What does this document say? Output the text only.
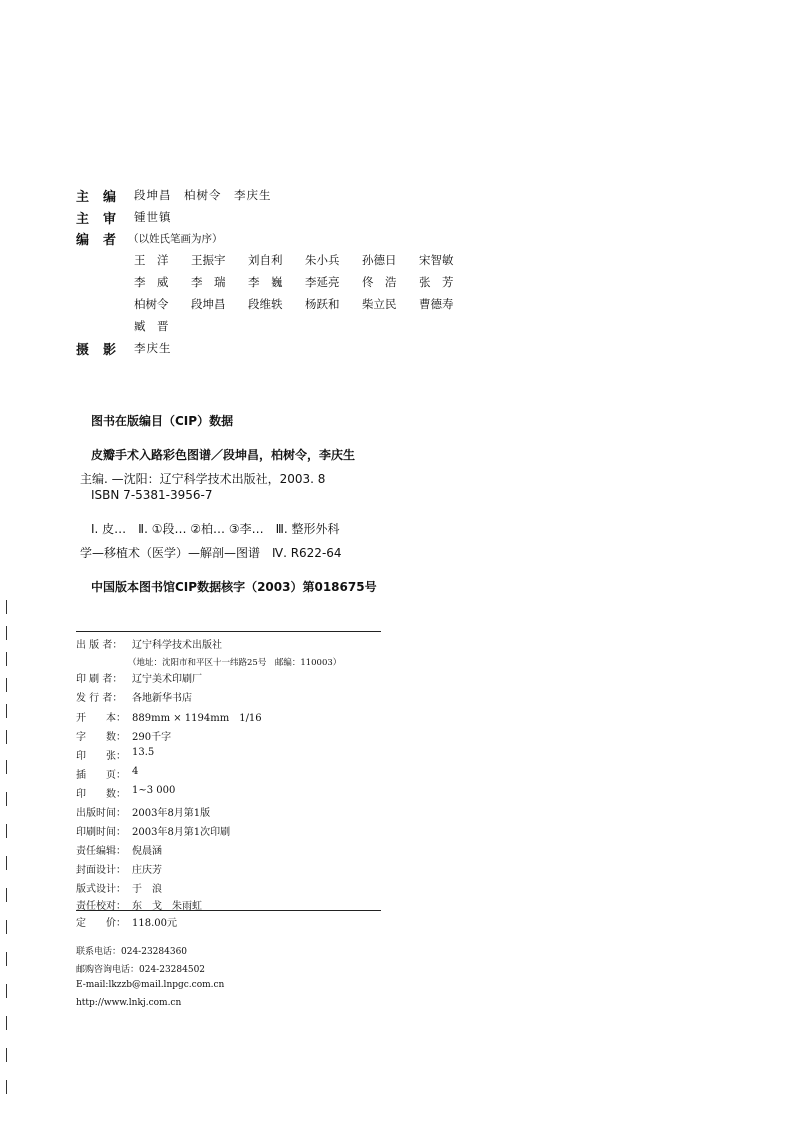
主编 段坤昌　柏树令　李庆生
主审 锺世镇
编者
（以姓氏笔画为序）
王　洋 王振宇 刘自利 朱小兵 孙德日 宋智敏
李　威 李　瑞 李　巍 李延亮 佟　浩 张　芳
柏树令 段坤昌 段维轶 杨跃和 柴立民 曹德寿
臧　晋
摄影 李庆生
图书在版编目（CIP）数据
皮瓣手术入路彩色图谱／段坤昌，柏树令，李庆生
主编. —沈阳：辽宁科学技术出版社，2003. 8
ISBN 7-5381-3956-7
Ⅰ. 皮…　Ⅱ. ①段… ②柏… ③李…　Ⅲ. 整形外科
学—移植术（医学）—解剖—图谱　Ⅳ. R622-64
中国版本图书馆CIP数据核字（2003）第018675号
出 版 者： 辽宁科学技术出版社
（地址：沈阳市和平区十一纬路25号　邮编：110003）
印 刷 者： 辽宁美术印刷厂
发 行 者： 各地新华书店
开　　本： 889mm × 1194mm　1/16
字　　数： 290千字
印　　张： 13.5
插　　页： 4
印　　数： 1~3 000
出版时间： 2003年8月第1版
印刷时间： 2003年8月第1次印刷
责任编辑： 倪晨涵
封面设计： 庄庆芳
版式设计： 于　浪
责任校对： 东　戈　朱雨虹
定　　价： 118.00元
联系电话：024-23284360
邮购咨询电话：024-23284502
E-mail:lkzzb@mail.lnpgc.com.cn
http://www.lnkj.com.cn
